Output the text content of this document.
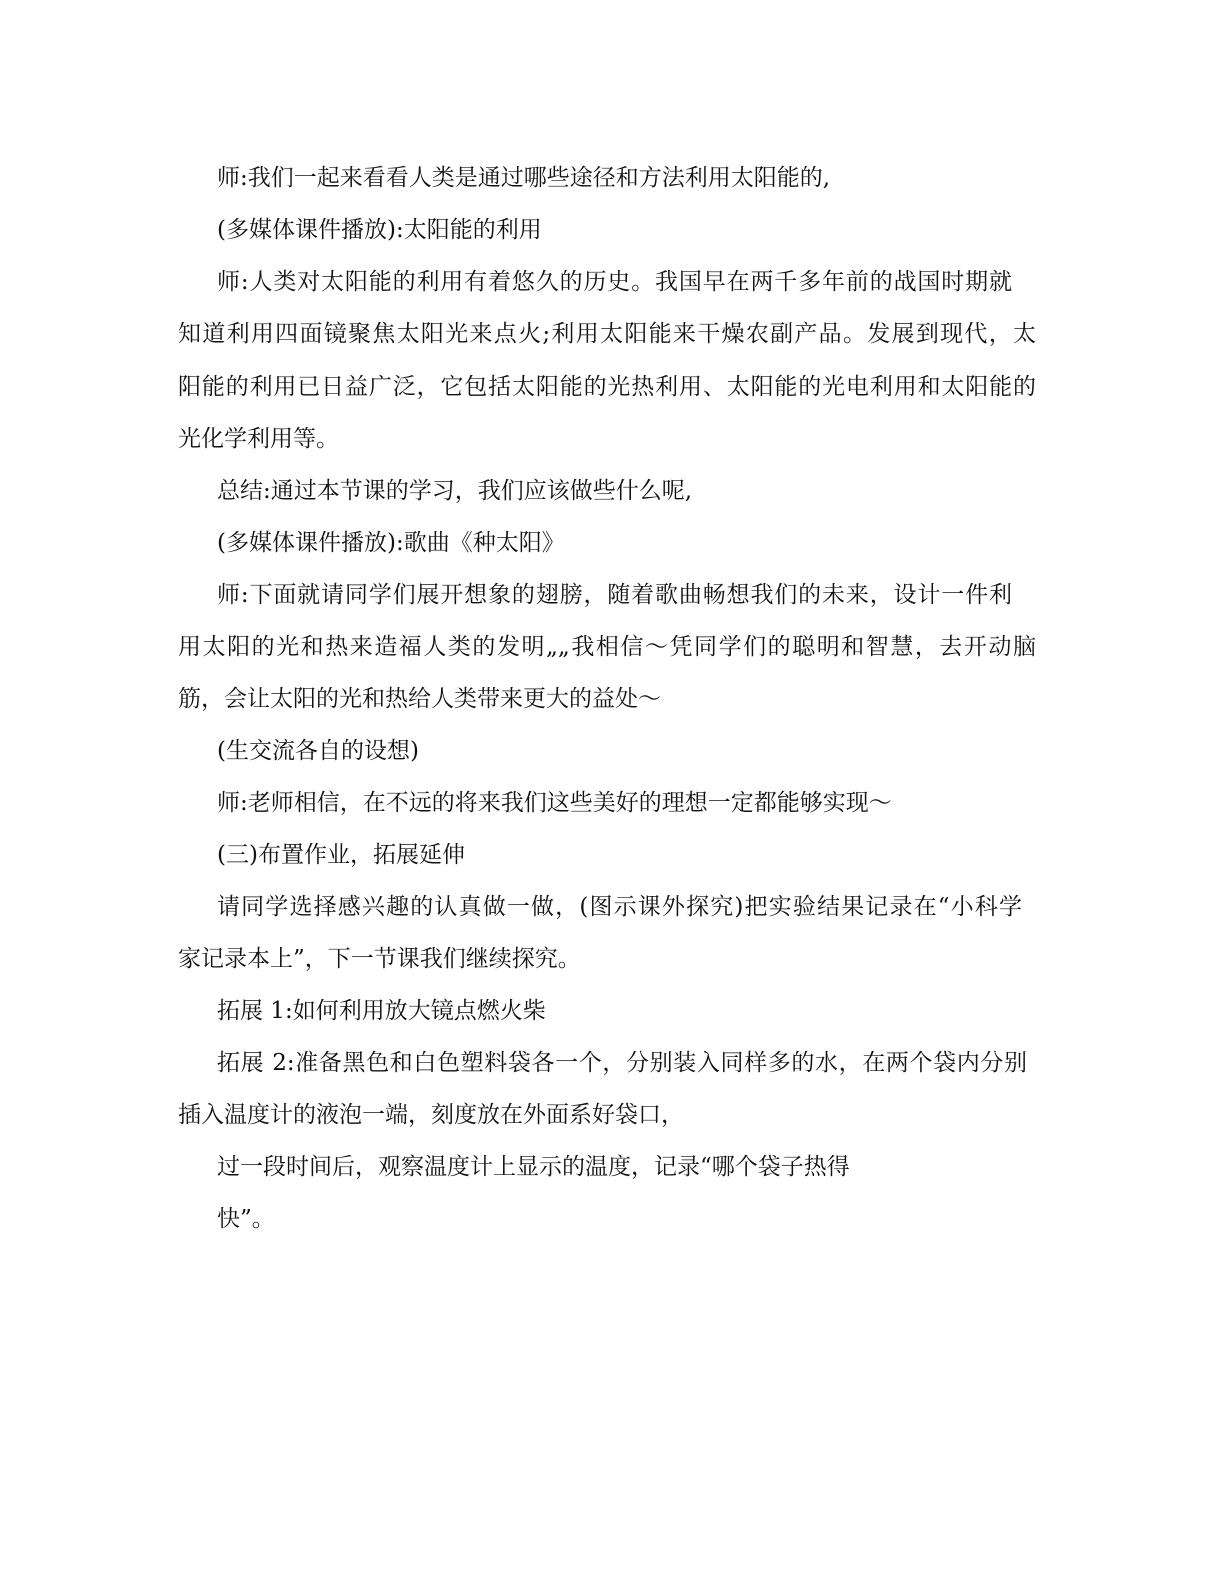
师:我们一起来看看人类是通过哪些途径和方法利用太阳能的,
(多媒体课件播放):太阳能的利用
师:人类对太阳能的利用有着悠久的历史。我国早在两千多年前的战国时期就
知道利用四面镜聚焦太阳光来点火;利用太阳能来干燥农副产品。发展到现代，太
阳能的利用已日益广泛，它包括太阳能的光热利用、太阳能的光电利用和太阳能的
光化学利用等。
总结:通过本节课的学习，我们应该做些什么呢,
(多媒体课件播放):歌曲《种太阳》
师:下面就请同学们展开想象的翅膀，随着歌曲畅想我们的未来，设计一件利
用太阳的光和热来造福人类的发明„„我相信～凭同学们的聪明和智慧，去开动脑
筋，会让太阳的光和热给人类带来更大的益处～
(生交流各自的设想)
师:老师相信，在不远的将来我们这些美好的理想一定都能够实现～
(三)布置作业，拓展延伸
请同学选择感兴趣的认真做一做，(图示课外探究)把实验结果记录在“小科学
家记录本上”，下一节课我们继续探究。
拓展 1:如何利用放大镜点燃火柴
拓展 2:准备黑色和白色塑料袋各一个，分别装入同样多的水，在两个袋内分别
插入温度计的液泡一端，刻度放在外面系好袋口，
过一段时间后，观察温度计上显示的温度，记录“哪个袋子热得
快”。
